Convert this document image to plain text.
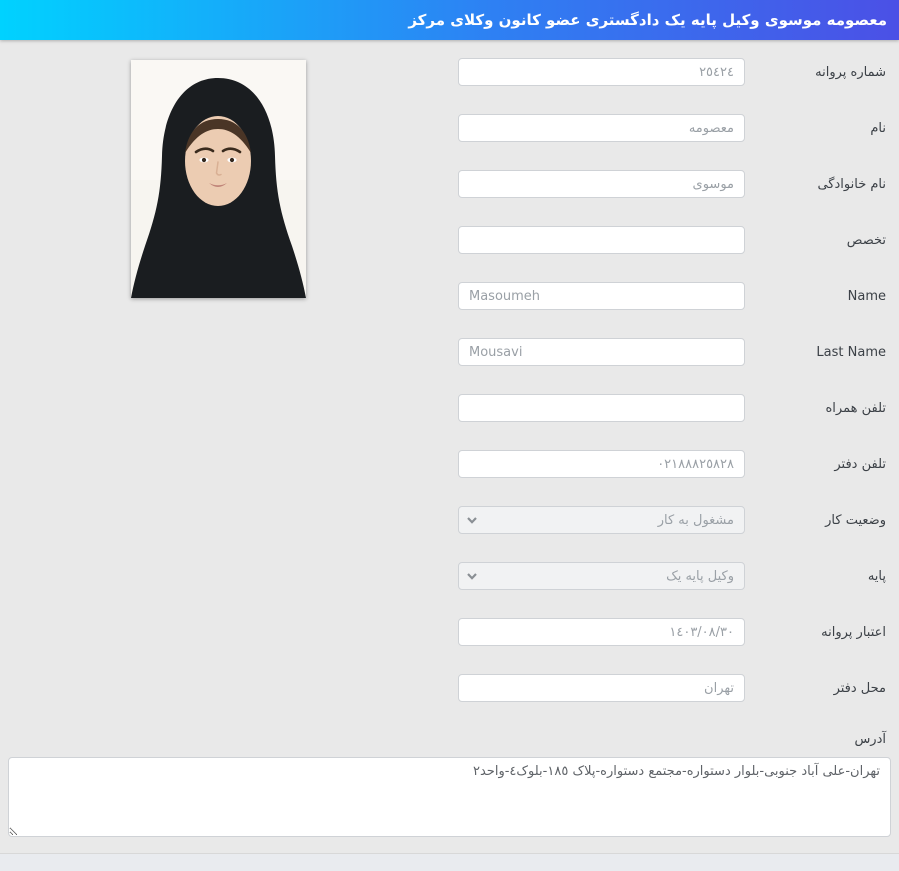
معصومه موسوی وکیل پایه یک دادگستری عضو کانون وکلای مرکز
شماره پروانه
٢٥٤٢٤
نام
معصومه
نام خانوادگی
موسوی
تخصص
Name
Masoumeh
Last Name
Mousavi
تلفن همراه
تلفن دفتر
٠٢١٨٨٨٢٥٨٢٨
وضعیت کار
مشغول به کار
پایه
وکیل پایه یک
اعتبار پروانه
١٤٠٣/٠٨/٣٠
محل دفتر
تهران
آدرس
تهران-علی آباد جنوبی-بلوار دستواره-مجتمع دستواره-پلاک ١٨٥-بلوک٤-واحد٢
